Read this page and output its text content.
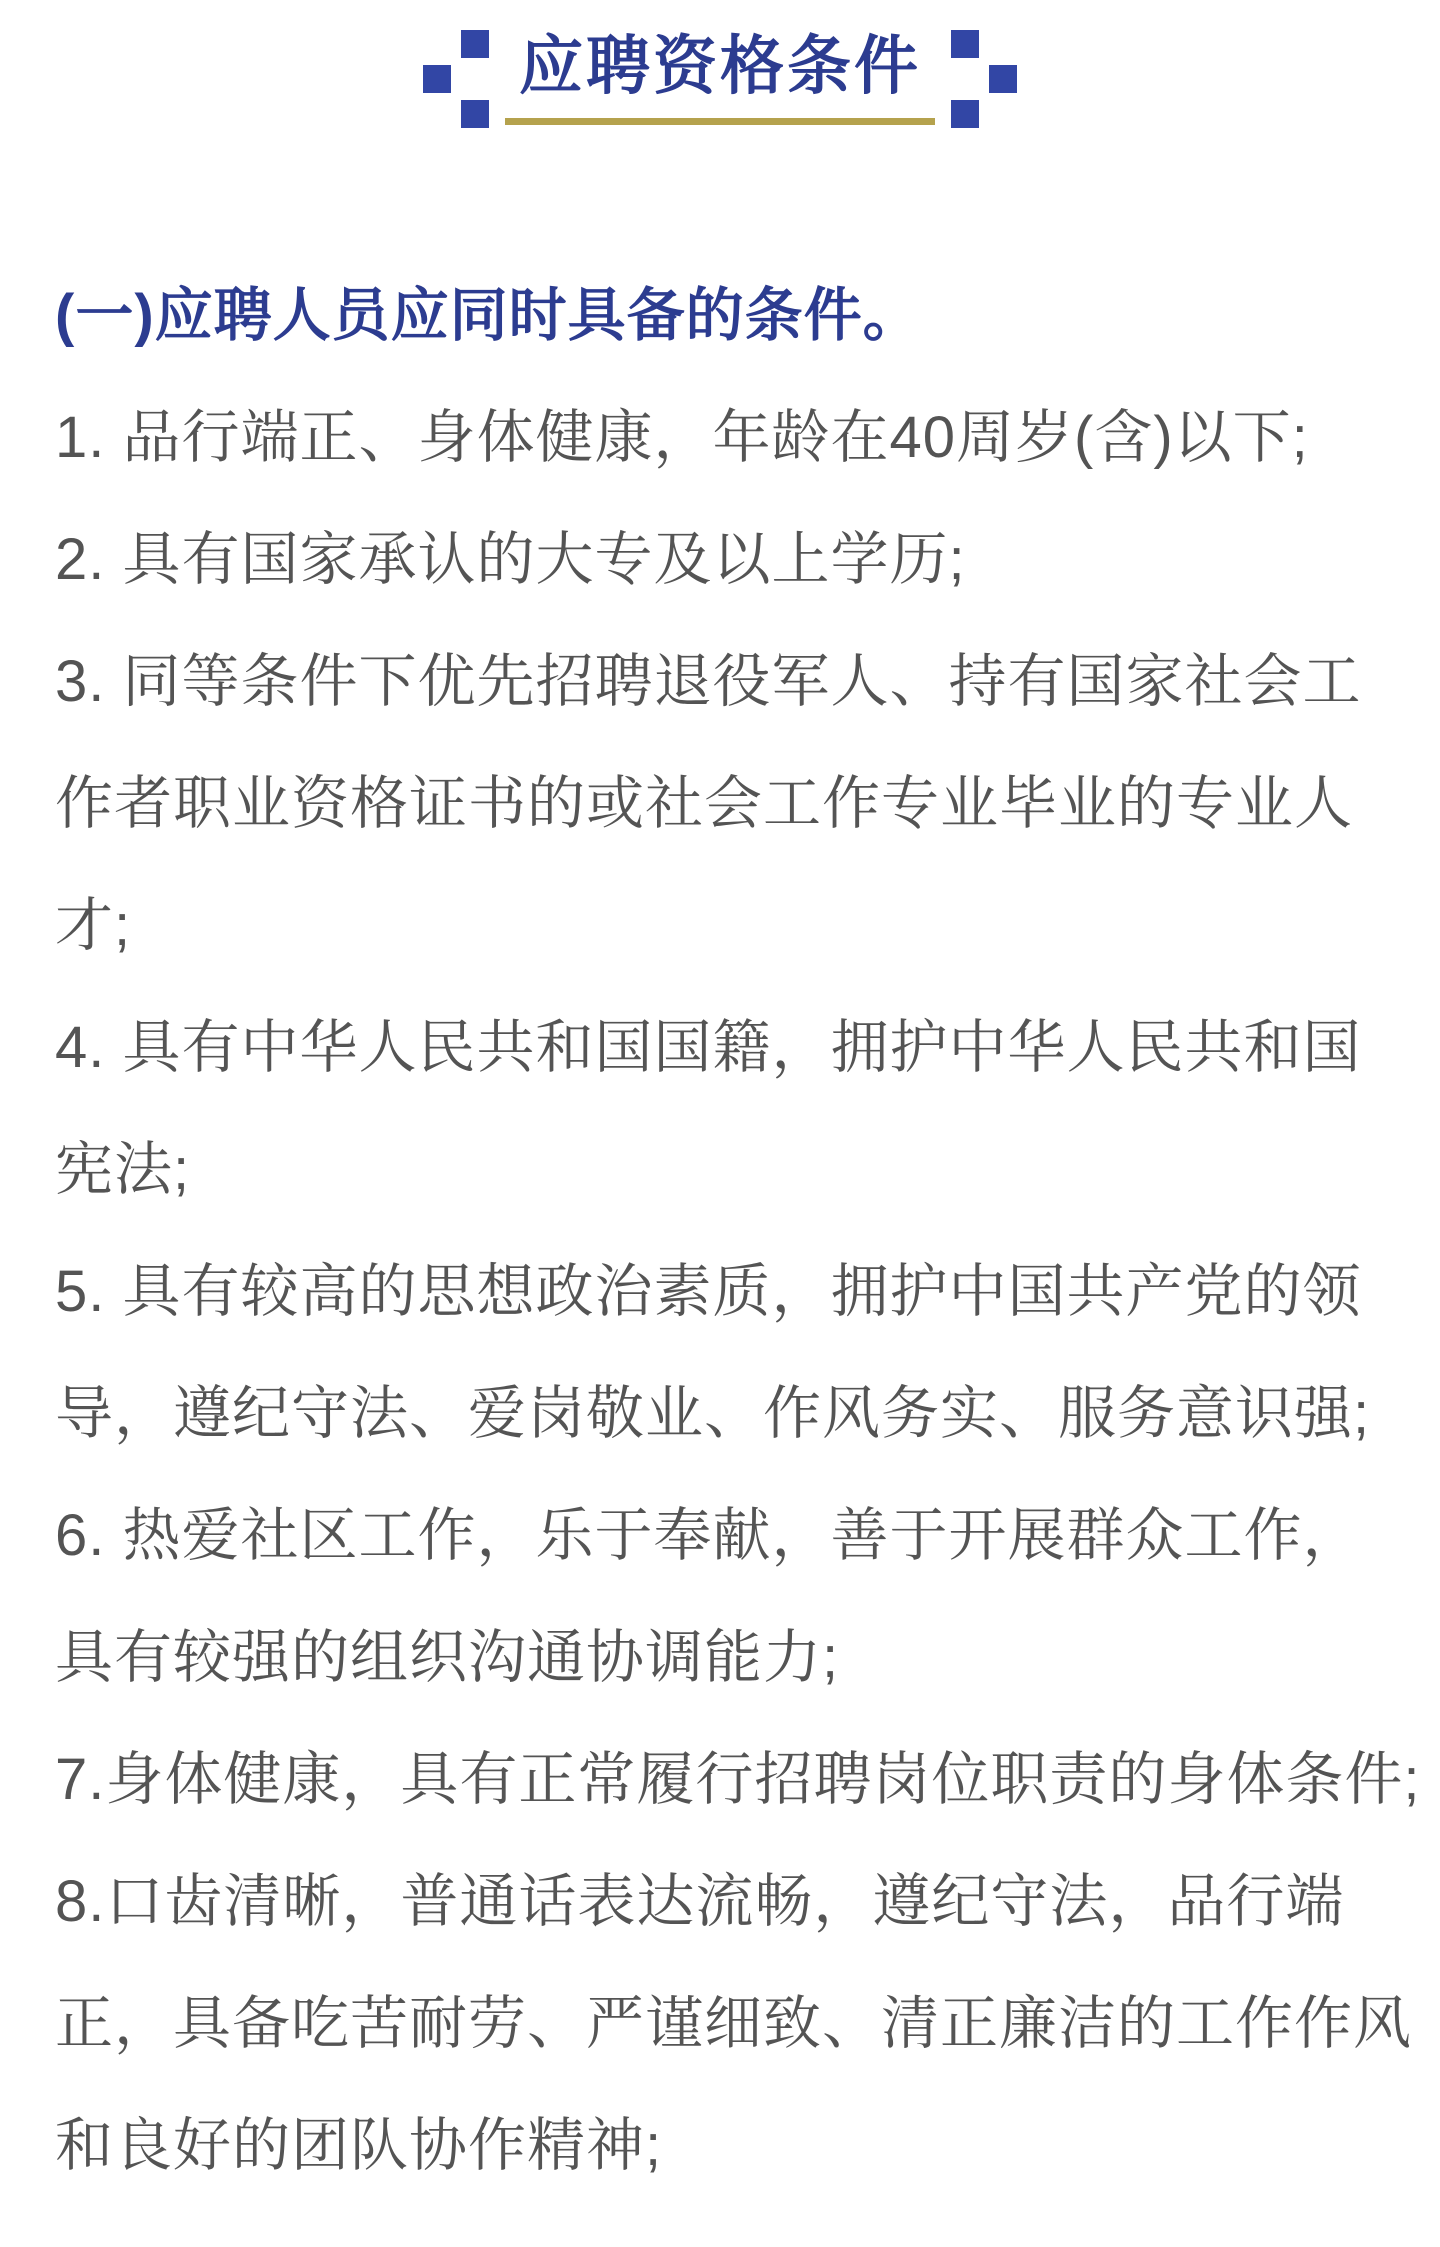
应聘资格条件
(一)应聘人员应同时具备的条件。

1. 品行端正、身体健康，年龄在40周岁(含)以下;

2. 具有国家承认的大专及以上学历;

3. 同等条件下优先招聘退役军人、持有国家社会工
作者职业资格证书的或社会工作专业毕业的专业人
才;

4. 具有中华人民共和国国籍，拥护中华人民共和国
宪法;

5. 具有较高的思想政治素质，拥护中国共产党的领
导，遵纪守法、爱岗敬业、作风务实、服务意识强;

6. 热爱社区工作，乐于奉献，善于开展群众工作，
具有较强的组织沟通协调能力;

7.身体健康，具有正常履行招聘岗位职责的身体条件;

8.口齿清晰，普通话表达流畅，遵纪守法，品行端
正，具备吃苦耐劳、严谨细致、清正廉洁的工作作风
和良好的团队协作精神;
